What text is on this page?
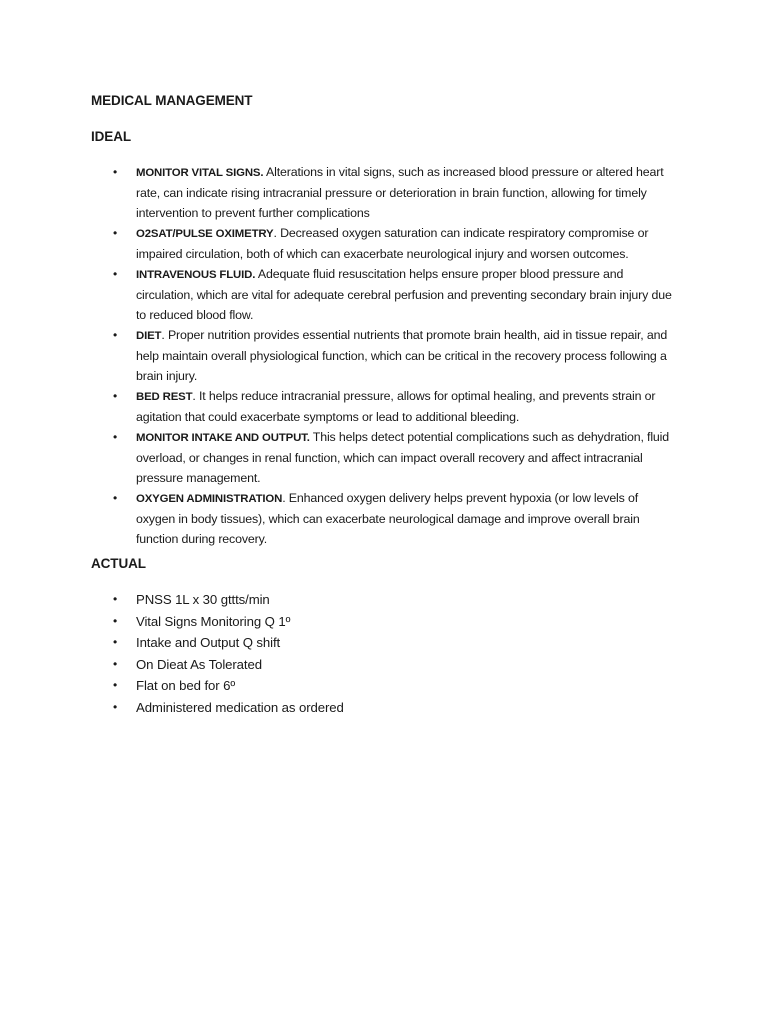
MEDICAL MANAGEMENT
IDEAL
• MONITOR VITAL SIGNS. Alterations in vital signs, such as increased blood pressure or altered heart rate, can indicate rising intracranial pressure or deterioration in brain function, allowing for timely intervention to prevent further complications
• O2SAT/PULSE OXIMETRY. Decreased oxygen saturation can indicate respiratory compromise or impaired circulation, both of which can exacerbate neurological injury and worsen outcomes.
• INTRAVENOUS FLUID. Adequate fluid resuscitation helps ensure proper blood pressure and circulation, which are vital for adequate cerebral perfusion and preventing secondary brain injury due to reduced blood flow.
• DIET. Proper nutrition provides essential nutrients that promote brain health, aid in tissue repair, and help maintain overall physiological function, which can be critical in the recovery process following a brain injury.
• BED REST. It helps reduce intracranial pressure, allows for optimal healing, and prevents strain or agitation that could exacerbate symptoms or lead to additional bleeding.
• MONITOR INTAKE AND OUTPUT. This helps detect potential complications such as dehydration, fluid overload, or changes in renal function, which can impact overall recovery and affect intracranial pressure management.
• OXYGEN ADMINISTRATION. Enhanced oxygen delivery helps prevent hypoxia (or low levels of oxygen in body tissues), which can exacerbate neurological damage and improve overall brain function during recovery.
ACTUAL
• PNSS 1L x 30 gttts/min
• Vital Signs Monitoring Q 1º
• Intake and Output Q shift
• On Dieat As Tolerated
• Flat on bed for 6º
• Administered medication as ordered
